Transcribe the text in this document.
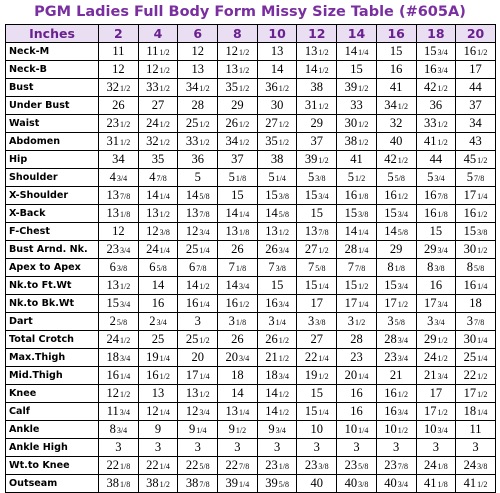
PGM Ladies Full Body Form Missy Size Table (#605A)
Inches	2	4	6	8	10	12	14	16	18	20
Neck-M	11	111/2	12	121/2	13	131/2	141/4	15	153/4	161/2
Neck-B	12	121/2	13	131/2	14	141/2	15	16	163/4	17
Bust	321/2	331/2	341/2	351/2	361/2	38	391/2	41	421/2	44
Under Bust	26	27	28	29	30	311/2	33	341/2	36	37
Waist	231/2	241/2	251/2	261/2	271/2	29	301/2	32	331/2	34
Abdomen	311/2	321/2	331/2	341/2	351/2	37	381/2	40	411/2	43
Hip	34	35	36	37	38	391/2	41	421/2	44	451/2
Shoulder	43/4	47/8	5	51/8	51/4	53/8	51/2	55/8	53/4	57/8
X-Shoulder	137/8	141/4	145/8	15	153/8	153/4	161/8	161/2	167/8	171/4
X-Back	131/8	131/2	137/8	141/4	145/8	15	153/8	153/4	161/8	161/2
F-Chest	12	123/8	123/4	131/8	131/2	137/8	141/4	145/8	15	153/8
Bust Arnd. Nk.	233/4	241/4	251/4	26	263/4	271/2	281/4	29	293/4	301/2
Apex to Apex	63/8	65/8	67/8	71/8	73/8	75/8	77/8	81/8	83/8	85/8
Nk.to Ft.Wt	131/2	14	141/2	143/4	15	151/4	151/2	153/4	16	161/4
Nk.to Bk.Wt	153/4	16	161/4	161/2	163/4	17	171/4	171/2	173/4	18
Dart	25/8	23/4	3	31/8	31/4	33/8	31/2	35/8	33/4	37/8
Total Crotch	241/2	25	251/2	26	261/2	27	28	283/4	291/2	301/4
Max.Thigh	183/4	191/4	20	203/4	211/2	221/4	23	233/4	241/2	251/4
Mid.Thigh	161/4	161/2	171/4	18	183/4	191/2	201/4	21	213/4	221/2
Knee	121/2	13	131/2	14	141/2	15	16	161/2	17	171/2
Calf	113/4	121/4	123/4	131/4	141/2	151/4	16	163/4	171/2	181/4
Ankle	83/4	9	91/4	91/2	93/4	10	101/4	101/2	103/4	11
Ankle High	3	3	3	3	3	3	3	3	3	3
Wt.to Knee	221/8	221/4	225/8	227/8	231/8	233/8	235/8	237/8	241/8	243/8
Outseam	381/8	381/2	387/8	391/4	395/8	40	403/8	403/4	411/8	411/2
